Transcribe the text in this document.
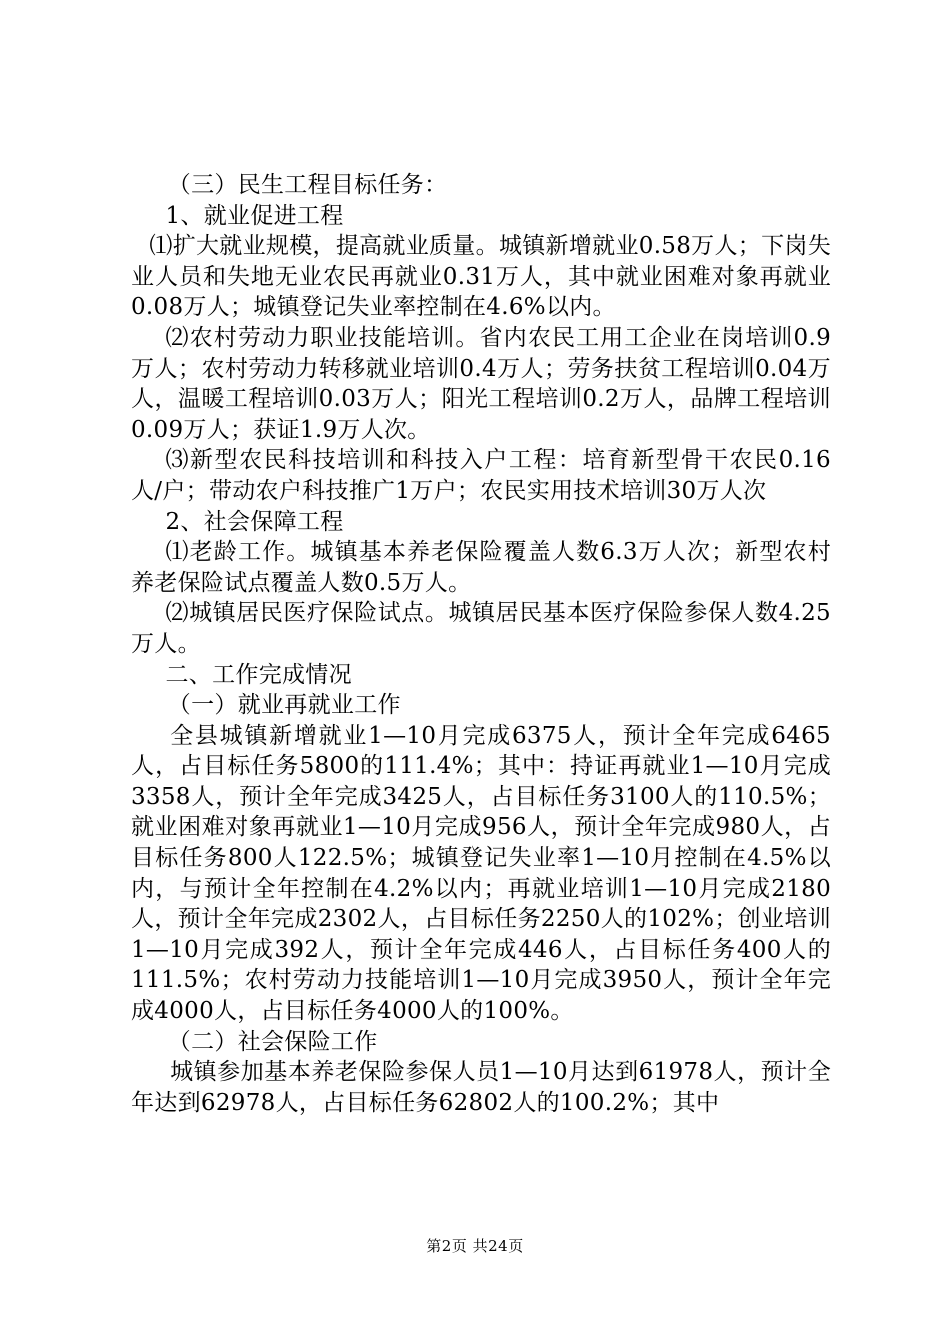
（三）民生工程目标任务：

1、就业促进工程

⑴扩大就业规模，提高就业质量。城镇新增就业0.58万人；下岗失业人员和失地无业农民再就业0.31万人，其中就业困难对象再就业0.08万人；城镇登记失业率控制在4.6%以内。

⑵农村劳动力职业技能培训。省内农民工用工企业在岗培训0.9万人；农村劳动力转移就业培训0.4万人；劳务扶贫工程培训0.04万人，温暖工程培训0.03万人；阳光工程培训0.2万人，品牌工程培训0.09万人；获证1.9万人次。

⑶新型农民科技培训和科技入户工程：培育新型骨干农民0.16人/户；带动农户科技推广1万户；农民实用技术培训30万人次

2、社会保障工程

⑴老龄工作。城镇基本养老保险覆盖人数6.3万人次；新型农村养老保险试点覆盖人数0.5万人。

⑵城镇居民医疗保险试点。城镇居民基本医疗保险参保人数4.25万人。

二、工作完成情况

（一）就业再就业工作

全县城镇新增就业1—10月完成6375人，预计全年完成6465人，占目标任务5800的111.4%；其中：持证再就业1—10月完成3358人，预计全年完成3425人，占目标任务3100人的110.5%；就业困难对象再就业1—10月完成956人，预计全年完成980人，占目标任务800人122.5%；城镇登记失业率1—10月控制在4.5%以内，与预计全年控制在4.2%以内；再就业培训1—10月完成2180人，预计全年完成2302人，占目标任务2250人的102%；创业培训1—10月完成392人，预计全年完成446人，占目标任务400人的111.5%；农村劳动力技能培训1—10月完成3950人，预计全年完成4000人，占目标任务4000人的100%。

（二）社会保险工作

城镇参加基本养老保险参保人员1—10月达到61978人，预计全年达到62978人，占目标任务62802人的100.2%；其中

第2页 共24页
